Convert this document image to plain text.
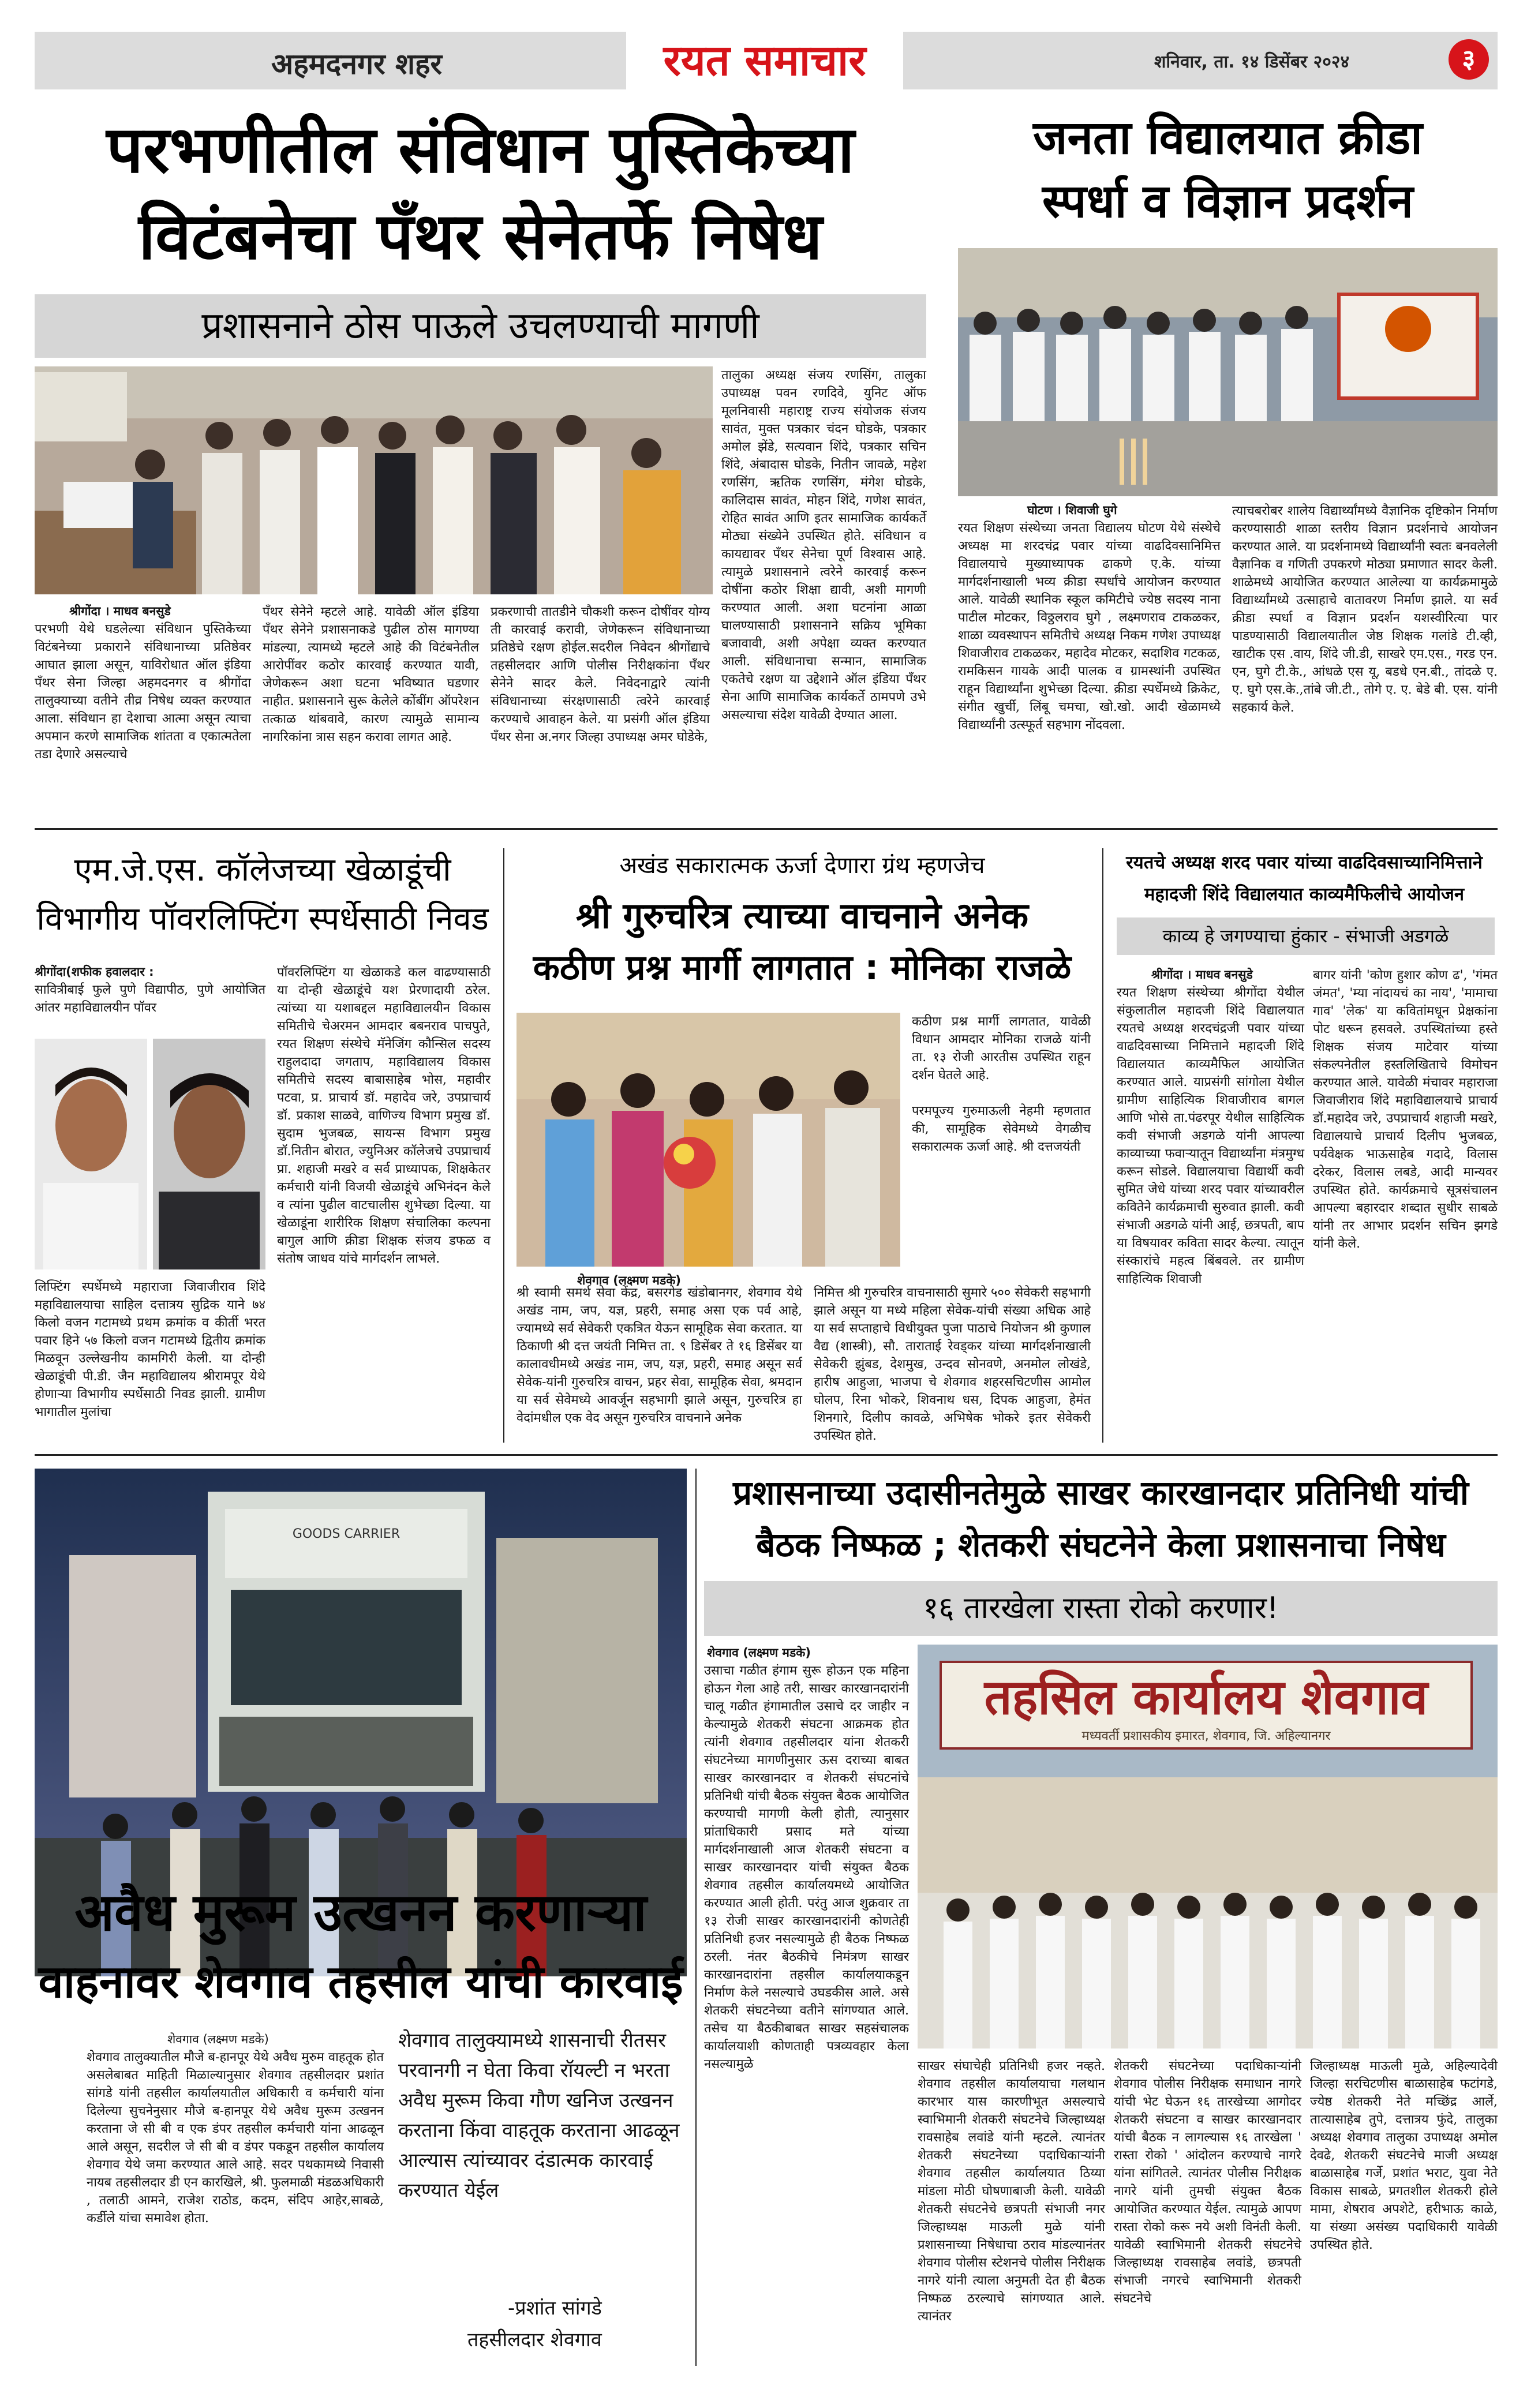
अहमदनगर शहर	रयत समाचार	शनिवार, ता. १४ डिसेंबर २०२४	३
परभणीतील संविधान पुस्तिकेच्या
विटंबनेचा पँथर सेनेतर्फे निषेध
प्रशासनाने ठोस पाऊले उचलण्याची मागणी
श्रीगोंदा । माधव बनसुडे
परभणी येथे घडलेल्या संविधान पुस्तिकेच्या विटंबनेच्या प्रकाराने संविधानाच्या प्रतिष्ठेवर आघात झाला असून, याविरोधात ऑल इंडिया पँथर सेना जिल्हा अहमदनगर व श्रीगोंदा तालुक्याच्या वतीने तीव्र निषेध व्यक्त करण्यात आला. संविधान हा देशाचा आत्मा असून त्याचा अपमान करणे सामाजिक शांतता व एकात्मतेला तडा देणारे असल्याचे
पँथर सेनेने म्हटले आहे. यावेळी ऑल इंडिया पँथर सेनेने प्रशासनाकडे पुढील ठोस मागण्या मांडल्या, त्यामध्ये म्हटले आहे की विटंबनेतील आरोपींवर कठोर कारवाई करण्यात यावी, जेणेकरून अशा घटना भविष्यात घडणार नाहीत. प्रशासनाने सुरू केलेले कोंबींग ऑपरेशन तत्काळ थांबवावे, कारण त्यामुळे सामान्य नागरिकांना त्रास सहन करावा लागत आहे.
प्रकरणाची तातडीने चौकशी करून दोषींवर योग्य ती कारवाई करावी, जेणेकरून संविधानाच्या प्रतिष्ठेचे रक्षण होईल.सदरील निवेदन श्रीगोंद्याचे तहसीलदार आणि पोलीस निरीक्षकांना पँथर सेनेने सादर केले. निवेदनाद्वारे त्यांनी संविधानाच्या संरक्षणासाठी त्वरेने कारवाई करण्याचे आवाहन केले. या प्रसंगी ऑल इंडिया पँथर सेना अ.नगर जिल्हा उपाध्यक्ष अमर घोडेके,
तालुका अध्यक्ष संजय रणसिंग, तालुका उपाध्यक्ष पवन रणदिवे, युनिट ऑफ मूलनिवासी महाराष्ट्र राज्य संयोजक संजय सावंत, मुक्त पत्रकार चंदन घोडके, पत्रकार अमोल झेंडे, सत्यवान शिंदे, पत्रकार सचिन शिंदे, अंबादास घोडके, नितीन जावळे, महेश रणसिंग, ऋतिक रणसिंग, मंगेश घोडके, कालिदास सावंत, मोहन शिंदे, गणेश सावंत, रोहित सावंत आणि इतर सामाजिक कार्यकर्ते मोठ्या संख्येने उपस्थित होते. संविधान व कायद्यावर पँथर सेनेचा पूर्ण विश्वास आहे. त्यामुळे प्रशासनाने त्वरेने कारवाई करून दोषींना कठोर शिक्षा द्यावी, अशी मागणी करण्यात आली. अशा घटनांना आळा घालण्यासाठी प्रशासनाने सक्रिय भूमिका बजावावी, अशी अपेक्षा व्यक्त करण्यात आली. संविधानाचा सन्मान, सामाजिक एकतेचे रक्षण या उद्देशाने ऑल इंडिया पँथर सेना आणि सामाजिक कार्यकर्ते ठामपणे उभे असल्याचा संदेश यावेळी देण्यात आला.
जनता विद्यालयात क्रीडा
स्पर्धा व विज्ञान प्रदर्शन
घोटण । शिवाजी घुगे
रयत शिक्षण संस्थेच्या जनता विद्यालय घोटण येथे संस्थेचे अध्यक्ष मा शरदचंद्र पवार यांच्या वाढदिवसानिमित्त विद्यालयाचे मुख्याध्यापक ढाकणे ए.के. यांच्या मार्गदर्शनाखाली भव्य क्रीडा स्पर्धांचे आयोजन करण्यात आले. यावेळी स्थानिक स्कूल कमिटीचे ज्येष्ठ सदस्य नाना पाटील मोटकर, विठ्ठलराव घुगे , लक्ष्मणराव टाकळकर, शाळा व्यवस्थापन समितीचे अध्यक्ष निकम गणेश उपाध्यक्ष शिवाजीराव टाकळकर, महादेव मोटकर, सदाशिव गटकळ, रामकिसन गायके आदी पालक व ग्रामस्थांनी उपस्थित राहून विद्यार्थ्यांना शुभेच्छा दिल्या. क्रीडा स्पर्धेमध्ये क्रिकेट, संगीत खुर्ची, लिंबू चमचा, खो.खो. आदी खेळामध्ये विद्यार्थ्यांनी उत्स्फूर्त सहभाग नोंदवला.
त्याचबरोबर शालेय विद्यार्थ्यांमध्ये वैज्ञानिक दृष्टिकोन निर्माण करण्यासाठी शाळा स्तरीय विज्ञान प्रदर्शनाचे आयोजन करण्यात आले. या प्रदर्शनामध्ये विद्यार्थ्यांनी स्वतः बनवलेली वैज्ञानिक व गणिती उपकरणे मोठ्या प्रमाणात सादर केली. शाळेमध्ये आयोजित करण्यात आलेल्या या कार्यक्रमामुळे विद्यार्थ्यांमध्ये उत्साहाचे वातावरण निर्माण झाले. या सर्व क्रीडा स्पर्धा व विज्ञान प्रदर्शन यशस्वीरित्या पार पाडण्यासाठी विद्यालयातील जेष्ठ शिक्षक गलांडे टी.व्ही, खाटीक एस .वाय, शिंदे जी.डी, साखरे एम.एस., गरड एन. एन, घुगे टी.के., आंधळे एस यू, बडधे एन.बी., तांदळे ए. ए. घुगे एस.के.,तांबे जी.टी., तोगे ए. ए. बेडे बी. एस. यांनी सहकार्य केले.
एम.जे.एस. कॉलेजच्या खेळाडूंची
विभागीय पॉवरलिफ्टिंग स्पर्धेसाठी निवड
श्रीगोंदा(शफीक हवालदार :
सावित्रीबाई फुले पुणे विद्यापीठ, पुणे आयोजित आंतर महाविद्यालयीन पॉवर
पॉवरलिफ्टिंग या खेळाकडे कल वाढण्यासाठी या दोन्ही खेळाडूंचे यश प्रेरणादायी ठरेल. त्यांच्या या यशाबद्दल महाविद्यालयीन विकास समितीचे चेअरमन आमदार बबनराव पाचपुते, रयत शिक्षण संस्थेचे मॅनेजिंग कौन्सिल सदस्य राहुलदादा जगताप, महाविद्यालय विकास समितीचे सदस्य बाबासाहेब भोस, महावीर पटवा, प्र. प्राचार्य डॉ. महादेव जरे, उपप्राचार्य डॉ. प्रकाश साळवे, वाणिज्य विभाग प्रमुख डॉ. सुदाम भुजबळ, सायन्स विभाग प्रमुख डॉ.नितीन बोरात, ज्युनिअर कॉलेजचे उपप्राचार्य प्रा. शहाजी मखरे व सर्व प्राध्यापक, शिक्षकेतर कर्मचारी यांनी विजयी खेळाडूंचे अभिनंदन केले व त्यांना पुढील वाटचालीस शुभेच्छा दिल्या. या खेळाडूंना शारीरिक शिक्षण संचालिका कल्पना बागुल आणि क्रीडा शिक्षक संजय डफळ व संतोष जाधव यांचे मार्गदर्शन लाभले.
लिफ्टिंग स्पर्धेमध्ये महाराजा जिवाजीराव शिंदे महाविद्यालयाचा साहिल दत्तात्रय सुद्रिक याने ७४ किलो वजन गटामध्ये प्रथम क्रमांक व कीर्ती भरत पवार हिने ५७ किलो वजन गटामध्ये द्वितीय क्रमांक मिळवून उल्लेखनीय कामगिरी केली. या दोन्ही खेळाडूंची पी.डी. जैन महाविद्यालय श्रीरामपूर येथे होणाऱ्या विभागीय स्पर्धेसाठी निवड झाली. ग्रामीण भागातील मुलांचा
अखंड सकारात्मक ऊर्जा देणारा ग्रंथ म्हणजेच
श्री गुरुचरित्र त्याच्या वाचनाने अनेक
कठीण प्रश्न मार्गी लागतात : मोनिका राजळे
शेवगाव (लक्ष्मण मडके)
कठीण प्रश्न मार्गी लागतात, यावेळी विधान आमदार मोनिका राजळे यांनी ता. १३ रोजी आरतीस उपस्थित राहून दर्शन घेतले आहे.

परमपूज्य गुरुमाऊली नेहमी म्हणतात की, सामूहिक सेवेमध्ये वेगळीच सकारात्मक ऊर्जा आहे. श्री दत्तजयंती
श्री स्वामी समर्थ सेवा केंद्र, बसरगेड खंडोबानगर, शेवगाव येथे अखंड नाम, जप, यज्ञ, प्रहरी, समाह असा एक पर्व आहे, ज्यामध्ये सर्व सेवेकरी एकत्रित येऊन सामूहिक सेवा करतात. या ठिकाणी श्री दत्त जयंती निमित्त ता. ९ डिसेंबर ते १६ डिसेंबर या कालावधीमध्ये अखंड नाम, जप, यज्ञ, प्रहरी, समाह असून सर्व सेवेक-यांनी गुरुचरित्र वाचन, प्रहर सेवा, सामूहिक सेवा, श्रमदान या सर्व सेवेमध्ये आवर्जून सहभागी झाले असून, गुरुचरित्र हा वेदांमधील एक वेद असून गुरुचरित्र वाचनाने अनेक
निमित्त श्री गुरुचरित्र वाचनासाठी सुमारे ५०० सेवेकरी सहभागी झाले असून या मध्ये महिला सेवेक-यांची संख्या अधिक आहे या सर्व सप्ताहाचे विधीयुक्त पुजा पाठाचे नियोजन श्री कुणाल वैद्य (शास्त्री), सौ. ताराताई रेवड्कर यांच्या मार्गदर्शनाखाली सेवेकरी झुंबड, देशमुख, उन्दव सोनवणे, अनमोल लोखंडे, हारीष आहुजा, भाजपा चे शेवगाव शहरसचिटणीस आमोल घोलप, रिना भोकरे, शिवनाथ धस, दिपक आहुजा, हेमंत शिनगारे, दिलीप कावळे, अभिषेक भोकरे इतर सेवेकरी उपस्थित होते.
रयतचे अध्यक्ष शरद पवार यांच्या वाढदिवसाच्यानिमित्ताने
महादजी शिंदे विद्यालयात काव्यमैफिलीचे आयोजन
काव्य हे जगण्याचा हुंकार - संभाजी अडगळे
श्रीगोंदा । माधव बनसुडे
रयत शिक्षण संस्थेच्या श्रीगोंदा येथील संकुलातील महादजी शिंदे विद्यालयात रयतचे अध्यक्ष शरदचंद्रजी पवार यांच्या वाढदिवसाच्या निमित्ताने महादजी शिंदे विद्यालयात काव्यमैफिल आयोजित करण्यात आले. याप्रसंगी सांगोला येथील ग्रामीण साहित्यिक शिवाजीराव बागल आणि भोसे ता.पंढरपूर येथील साहित्यिक कवी संभाजी अडगळे यांनी आपल्या काव्याच्या फवाऱ्यातून विद्यार्थ्यांना मंत्रमुग्ध करून सोडले. विद्यालयाचा विद्यार्थी कवी सुमित जेधे यांच्या शरद पवार यांच्यावरील कवितेने कार्यक्रमाची सुरुवात झाली. कवी संभाजी अडगळे यांनी आई, छत्रपती, बाप या विषयावर कविता सादर केल्या. त्यातून संस्कारांचे महत्व बिंबवले. तर ग्रामीण साहित्यिक शिवाजी
बागर यांनी 'कोण हुशार कोण ढ', 'गंमत जंमत', 'म्या नांदायचं का नाय', 'मामाचा गाव' 'लेक' या कवितांमधून प्रेक्षकांना पोट धरून हसवले. उपस्थितांच्या हस्ते शिक्षक संजय माटेवार यांच्या संकल्पनेतील हस्तलिखिताचे विमोचन करण्यात आले. यावेळी मंचावर महाराजा जिवाजीराव शिंदे महाविद्यालयाचे प्राचार्य डॉ.महादेव जरे, उपप्राचार्य शहाजी मखरे, विद्यालयाचे प्राचार्य दिलीप भुजबळ, पर्यवेक्षक भाऊसाहेब गदादे, विलास दरेकर, विलास लबडे, आदी मान्यवर उपस्थित होते. कार्यक्रमाचे सूत्रसंचालन आपल्या बहारदार शब्दात सुधीर साबळे यांनी तर आभार प्रदर्शन सचिन झगडे यांनी केले.
GOODS CARRIER
अवैध मुरूम उत्खनन करणाऱ्या
वाहनावर शेवगाव तहसील यांची कारवाई
शेवगाव (लक्ष्मण मडके)
शेवगाव तालुक्यातील मौजे ब-हानपूर येथे अवैध मुरुम वाहतूक होत असलेबाबत माहिती मिळाल्यानुसार शेवगाव तहसीलदार प्रशांत सांगडे यांनी तहसील कार्यालयातील अधिकारी व कर्मचारी यांना दिलेल्या सुचनेनुसार मौजे ब-हानपूर येथे अवैध मुरूम उत्खनन करताना जे सी बी व एक डंपर तहसील कर्मचारी यांना आढळून आले असून, सदरील जे सी बी व डंपर पकडून तहसील कार्यालय शेवगाव येथे जमा करण्यात आले आहे. सदर पथकामध्ये निवासी नायब तहसीलदार डी एन कारखिले, श्री. फुलमाळी मंडळअधिकारी , तलाठी आमने, राजेश राठोड, कदम, संदिप आहेर,साबळे, कर्डीले यांचा समावेश होता.
शेवगाव तालुक्यामध्ये शासनाची रीतसर परवानगी न घेता किवा रॉयल्टी न भरता अवैध मुरूम किवा गौण खनिज उत्खनन करताना किंवा वाहतूक करताना आढळून आल्यास त्यांच्यावर दंडात्मक कारवाई करण्यात येईल
-प्रशांत सांगडे
तहसीलदार शेवगाव
प्रशासनाच्या उदासीनतेमुळे साखर कारखानदार प्रतिनिधी यांची
बैठक निष्फळ ; शेतकरी संघटनेने केला प्रशासनाचा निषेध
१६ तारखेला रास्ता रोको करणार!
शेवगाव (लक्ष्मण मडके)
उसाचा गळीत हंगाम सुरू होऊन एक महिना होऊन गेला आहे तरी, साखर कारखानदारांनी चालू गळीत हंगामातील उसाचे दर जाहीर न केल्यामुळे शेतकरी संघटना आक्रमक होत त्यांनी शेवगाव तहसीलदार यांना शेतकरी संघटनेच्या मागणीनुसार ऊस दराच्या बाबत साखर कारखानदार व शेतकरी संघटनांचे प्रतिनिधी यांची बैठक संयुक्त बैठक आयोजित करण्याची मागणी केली होती, त्यानुसार प्रांताधिकारी प्रसाद मते यांच्या मार्गदर्शनाखाली आज शेतकरी संघटना व साखर कारखानदार यांची संयुक्त बैठक शेवगाव तहसील कार्यालयमध्ये आयोजित करण्यात आली होती. परंतु आज शुक्रवार ता १३ रोजी साखर कारखानदारांनी कोणतेही प्रतिनिधी हजर नसल्यामुळे ही बैठक निष्फळ ठरली. नंतर बैठकीचे निमंत्रण साखर कारखानदारांना तहसील कार्यालयाकडून निर्माण केले नसल्याचे उघडकीस आले. असे शेतकरी संघटनेच्या वतीने सांगण्यात आले. तसेच या बैठकीबाबत साखर सहसंचालक कार्यालयाशी कोणताही पत्रव्यवहार केला नसल्यामुळे
तहसिल कार्यालय शेवगाव
मध्यवर्ती प्रशासकीय इमारत, शेवगाव, जि. अहिल्यानगर
साखर संघाचेही प्रतिनिधी हजर नव्हते. शेवगाव तहसील कार्यालयाचा गलथान कारभार यास कारणीभूत असल्याचे स्वाभिमानी शेतकरी संघटनेचे जिल्हाध्यक्ष रावसाहेब लवांडे यांनी म्हटले. त्यानंतर शेतकरी संघटनेच्या पदाधिकाऱ्यांनी शेवगाव तहसील कार्यालयात ठिय्या मांडला मोठी घोषणाबाजी केली. यावेळी शेतकरी संघटनेचे छत्रपती संभाजी नगर जिल्हाध्यक्ष माऊली मुळे यांनी प्रशासनाच्या निषेधाचा ठराव मांडल्यानंतर शेवगाव पोलीस स्टेशनचे पोलीस निरीक्षक नागरे यांनी त्याला अनुमती देत ही बैठक निष्फळ ठरल्याचे सांगण्यात आले. त्यानंतर
शेतकरी संघटनेच्या पदाधिकाऱ्यांनी शेवगाव पोलीस निरीक्षक समाधान नागरे यांची भेट घेऊन १६ तारखेच्या आगोदर शेतकरी संघटना व साखर कारखानदार यांची बैठक न लागल्यास १६ तारखेला ' रास्ता रोको ' आंदोलन करण्याचे नागरे यांना सांगितले. त्यानंतर पोलीस निरीक्षक नागरे यांनी तुमची संयुक्त बैठक आयोजित करण्यात येईल. त्यामुळे आपण रास्ता रोको करू नये अशी विनंती केली. यावेळी स्वाभिमानी शेतकरी संघटनेचे जिल्हाध्यक्ष रावसाहेब लवांडे, छत्रपती संभाजी नगरचे स्वाभिमानी शेतकरी संघटनेचे
जिल्हाध्यक्ष माऊली मुळे, अहिल्यादेवी जिल्हा सरचिटणीस बाळासाहेब फटांगडे, ज्येष्ठ शेतकरी नेते मच्छिंद्र आर्ले, तात्यासाहेब तुपे, दत्तात्रय फुंदे, तालुका अध्यक्ष शेवगाव तालुका उपाध्यक्ष अमोल देवढे, शेतकरी संघटनेचे माजी अध्यक्ष बाळासाहेब गर्जे, प्रशांत भराट, युवा नेते विकास साबळे, प्रगतशील शेतकरी होले मामा, शेषराव अपशेटे, हरीभाऊ काळे, या संख्या असंख्य पदाधिकारी यावेळी उपस्थित होते.
